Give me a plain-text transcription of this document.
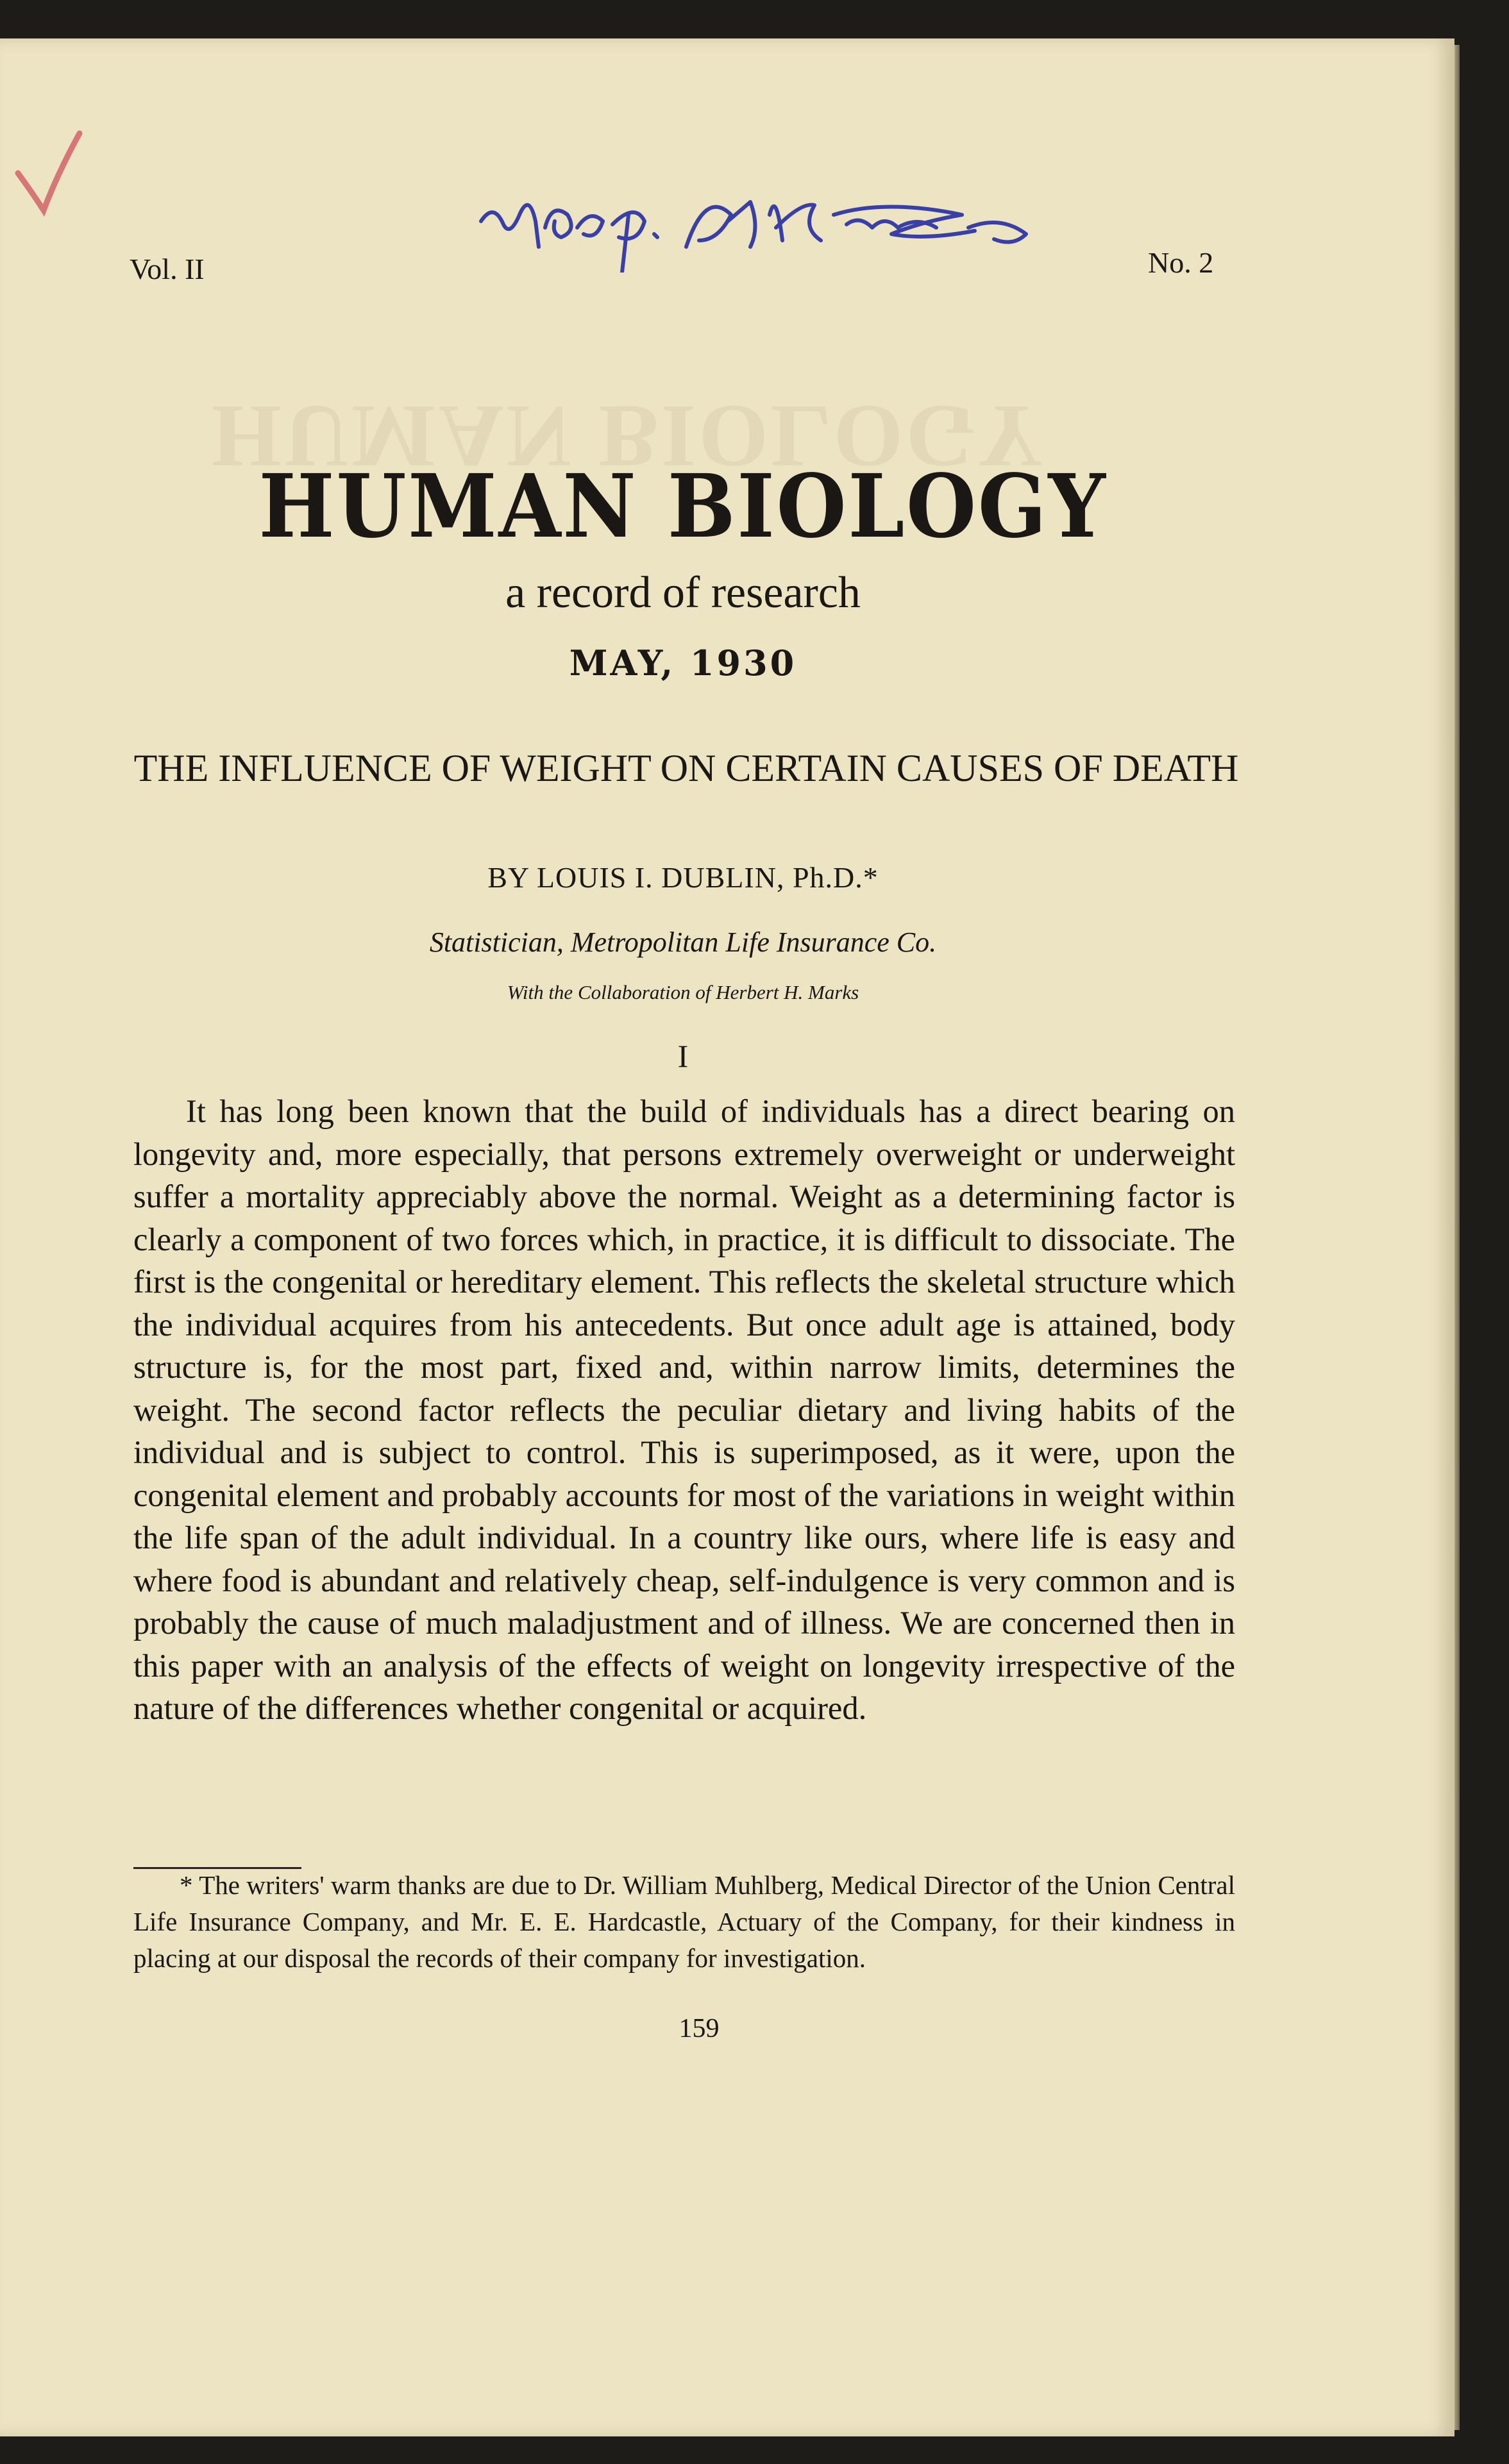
HUMAN BIOLOGY
Vol. II	No. 2
HUMAN BIOLOGY
a record of research
MAY, 1930
THE INFLUENCE OF WEIGHT ON CERTAIN CAUSES OF DEATH
BY LOUIS I. DUBLIN, Ph.D.*
Statistician, Metropolitan Life Insurance Co.
With the Collaboration of Herbert H. Marks
I

It has long been known that the build of individuals has a direct bearing on longevity and, more especially, that persons extremely overweight or underweight suffer a mortality appreciably above the normal. Weight as a determining factor is clearly a component of two forces which, in practice, it is difficult to dissociate. The first is the congenital or hereditary element. This reflects the skeletal structure which the individual acquires from his antecedents. But once adult age is attained, body structure is, for the most part, fixed and, within narrow limits, determines the weight. The second factor reflects the peculiar dietary and living habits of the individual and is subject to control. This is superimposed, as it were, upon the congenital element and probably accounts for most of the variations in weight within the life span of the adult individual. In a country like ours, where life is easy and where food is abundant and relatively cheap, self-indulgence is very common and is probably the cause of much maladjustment and of illness. We are concerned then in this paper with an analysis of the effects of weight on longevity irrespective of the nature of the differences whether congenital or acquired.

* The writers' warm thanks are due to Dr. William Muhlberg, Medical Director of the Union Central Life Insurance Company, and Mr. E. E. Hardcastle, Actuary of the Company, for their kindness in placing at our disposal the records of their company for investigation.

159
